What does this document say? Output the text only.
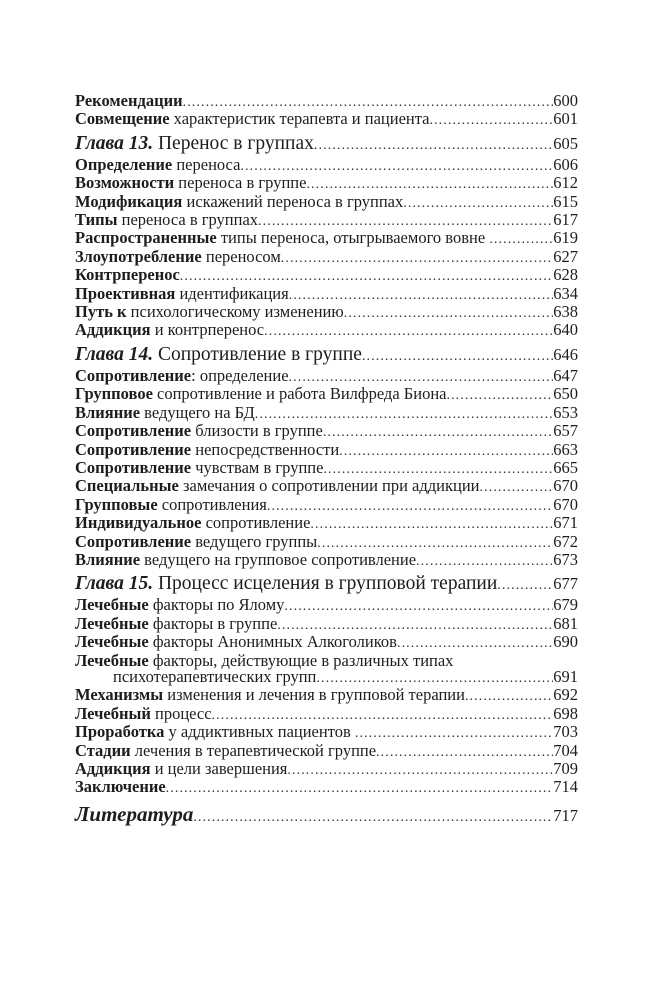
Рекомендации .....	600
Совмещение характеристик терапевта и пациента .....	601
Глава 13. Перенос в группах .....	605
Определение переноса .....	606
Возможности переноса в группе .....	612
Модификация искажений переноса в группах .....	615
Типы переноса в группах .....	617
Распространенные типы переноса, отыгрываемого вовне .....	619
Злоупотребление переносом .....	627
Контрперенос .....	628
Проективная идентификация .....	634
Путь к психологическому изменению .....	638
Аддикция и контрперенос .....	640
Глава 14. Сопротивление в группе .....	646
Сопротивление : определение .....	647
Групповое сопротивление и работа Вилфреда Биона .....	650
Влияние ведущего на БД .....	653
Сопротивление близости в группе .....	657
Сопротивление непосредственности .....	663
Сопротивление чувствам в группе .....	665
Специальные замечания о сопротивлении при аддикции .....	670
Групповые сопротивления .....	670
Индивидуальное сопротивление .....	671
Сопротивление ведущего группы .....	672
Влияние ведущего на групповое сопротивление .....	673
Глава 15. Процесс исцеления в групповой терапии .....	677
Лечебные факторы по Ялому .....	679
Лечебные факторы в группе .....	681
Лечебные факторы Анонимных Алкоголиков .....	690
Лечебные факторы, действующие в различных типах
психотерапевтических групп .....	691
Механизмы изменения и лечения в групповой терапии .....	692
Лечебный процесс .....	698
Проработка у аддиктивных пациентов .....	703
Стадии лечения в терапевтической группе .....	704
Аддикция и цели завершения .....	709
Заключение .....	714
Литература .....	717
